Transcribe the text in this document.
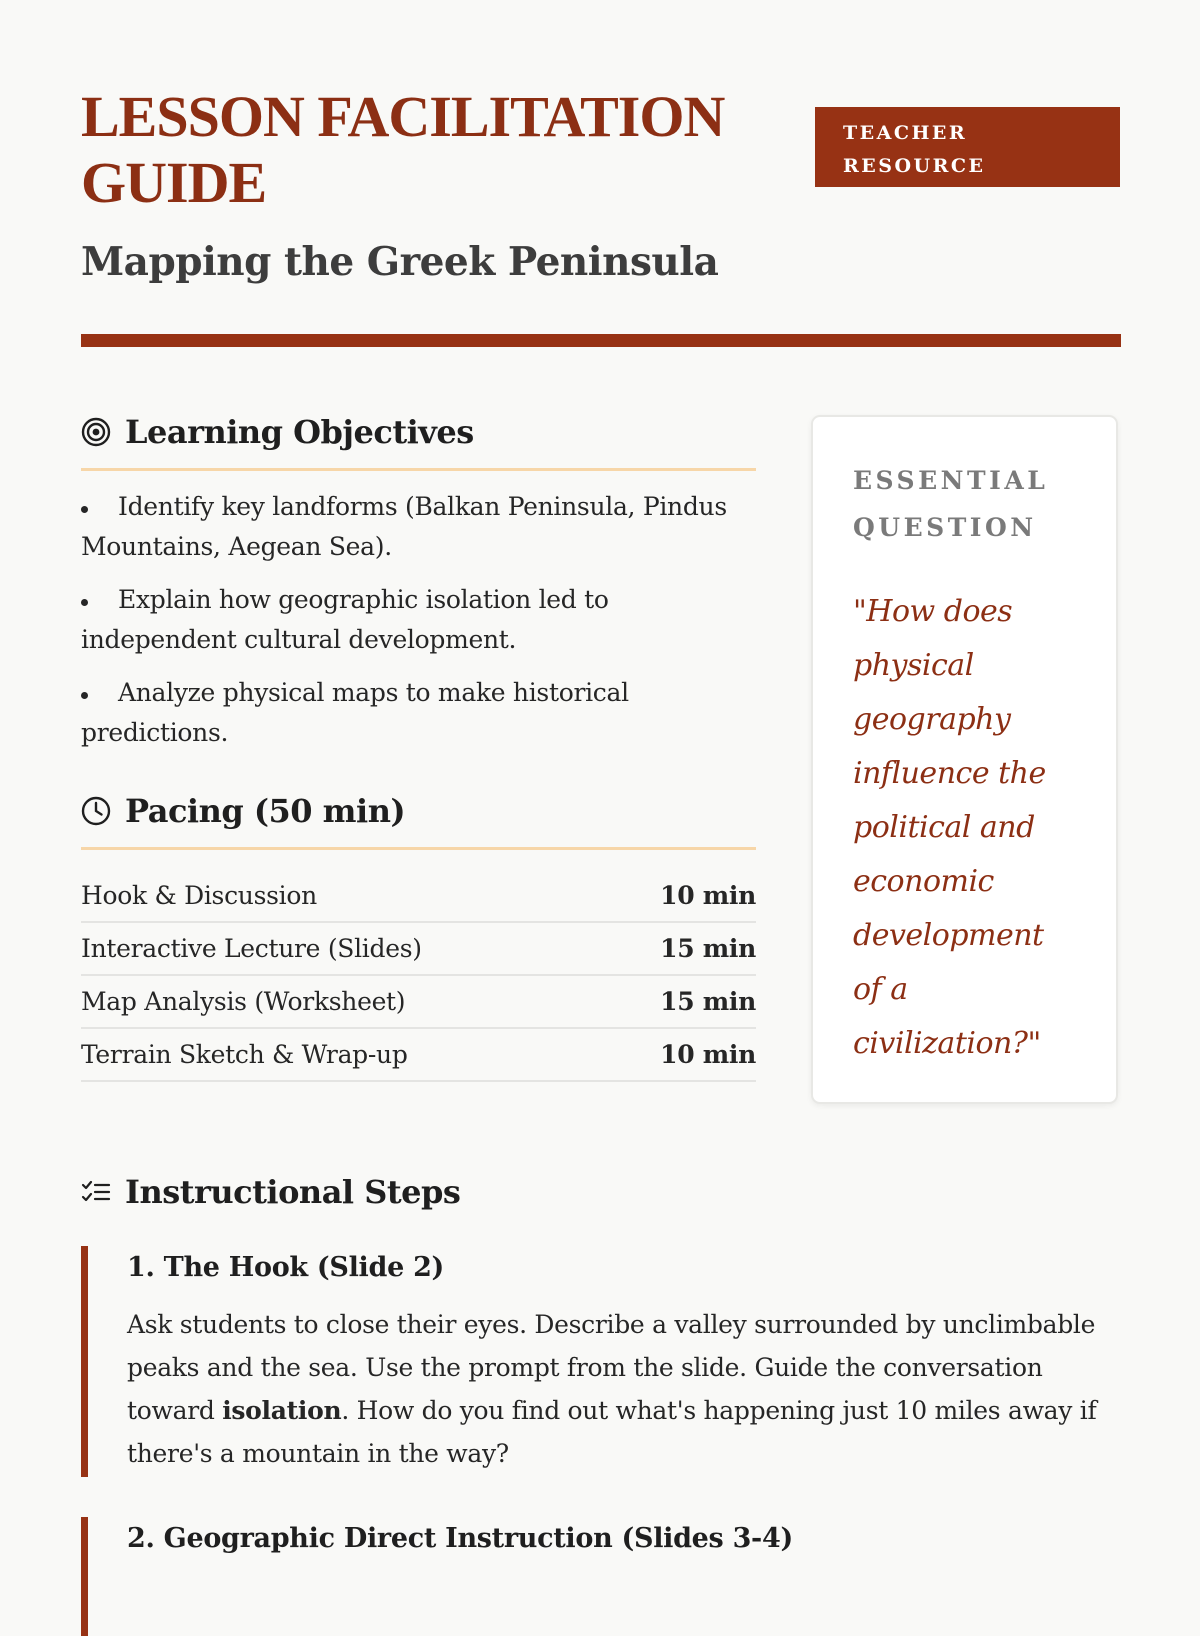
LESSON FACILITATION GUIDE
TEACHER RESOURCE
Mapping the Greek Peninsula
Learning Objectives
Identify key landforms (Balkan Peninsula, Pindus Mountains, Aegean Sea).
Explain how geographic isolation led to independent cultural development.
Analyze physical maps to make historical predictions.
Pacing (50 min)
Hook & Discussion	10 min
Interactive Lecture (Slides)	15 min
Map Analysis (Worksheet)	15 min
Terrain Sketch & Wrap-up	10 min

ESSENTIAL QUESTION

"How does physical geography influence the political and economic development of a civilization?"

Instructional Steps
1. The Hook (Slide 2)

Ask students to close their eyes. Describe a valley surrounded by unclimbable peaks and the sea. Use the prompt from the slide. Guide the conversation toward isolation. How do you find out what's happening just 10 miles away if there's a mountain in the way?

2. Geographic Direct Instruction (Slides 3-4)
